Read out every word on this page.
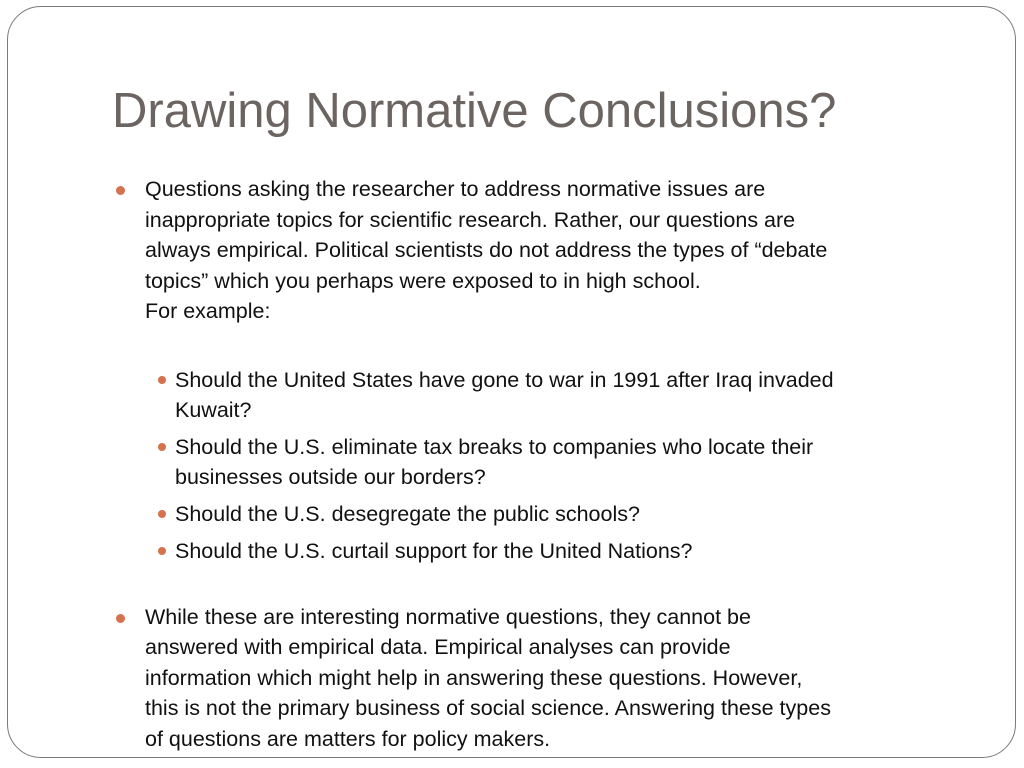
Drawing Normative Conclusions?
Questions asking the researcher to address normative issues are
inappropriate topics for scientific research. Rather, our questions are
always empirical. Political scientists do not address the types of “debate
topics” which you perhaps were exposed to in high school.
For example:
Should the United States have gone to war in 1991 after Iraq invaded
Kuwait?
Should the U.S. eliminate tax breaks to companies who locate their
businesses outside our borders?
Should the U.S. desegregate the public schools?
Should the U.S. curtail support for the United Nations?
While these are interesting normative questions, they cannot be
answered with empirical data. Empirical analyses can provide
information which might help in answering these questions. However,
this is not the primary business of social science. Answering these types
of questions are matters for policy makers.
